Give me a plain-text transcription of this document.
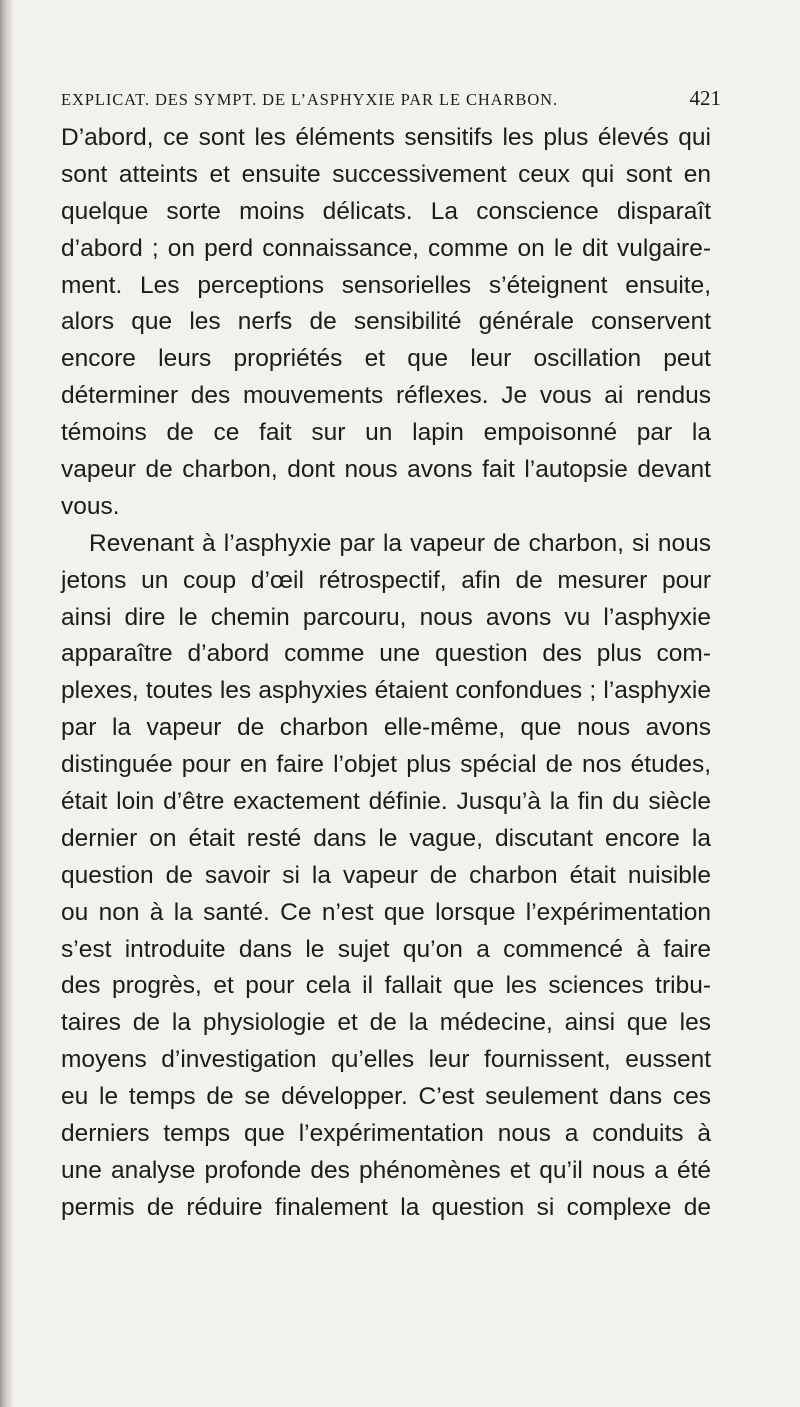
EXPLICAT. DES SYMPT. DE L’ASPHYXIE PAR LE CHARBON.	421

D’abord, ce sont les éléments sensitifs les plus élevés qui
sont atteints et ensuite successivement ceux qui sont en
quelque sorte moins délicats. La conscience disparaît
d’abord ; on perd connaissance, comme on le dit vulgaire-
ment. Les perceptions sensorielles s’éteignent ensuite,
alors que les nerfs de sensibilité générale conservent
encore leurs propriétés et que leur oscillation peut
déterminer des mouvements réflexes. Je vous ai rendus
témoins de ce fait sur un lapin empoisonné par la
vapeur de charbon, dont nous avons fait l’autopsie devant
vous.

Revenant à l’asphyxie par la vapeur de charbon, si nous
jetons un coup d’œil rétrospectif, afin de mesurer pour
ainsi dire le chemin parcouru, nous avons vu l’asphyxie
apparaître d’abord comme une question des plus com-
plexes, toutes les asphyxies étaient confondues ; l’asphyxie
par la vapeur de charbon elle-même, que nous avons
distinguée pour en faire l’objet plus spécial de nos études,
était loin d’être exactement définie. Jusqu’à la fin du siècle
dernier on était resté dans le vague, discutant encore la
question de savoir si la vapeur de charbon était nuisible
ou non à la santé. Ce n’est que lorsque l’expérimentation
s’est introduite dans le sujet qu’on a commencé à faire
des progrès, et pour cela il fallait que les sciences tribu-
taires de la physiologie et de la médecine, ainsi que les
moyens d’investigation qu’elles leur fournissent, eussent
eu le temps de se développer. C’est seulement dans ces
derniers temps que l’expérimentation nous a conduits à
une analyse profonde des phénomènes et qu’il nous a été
permis de réduire finalement la question si complexe de
